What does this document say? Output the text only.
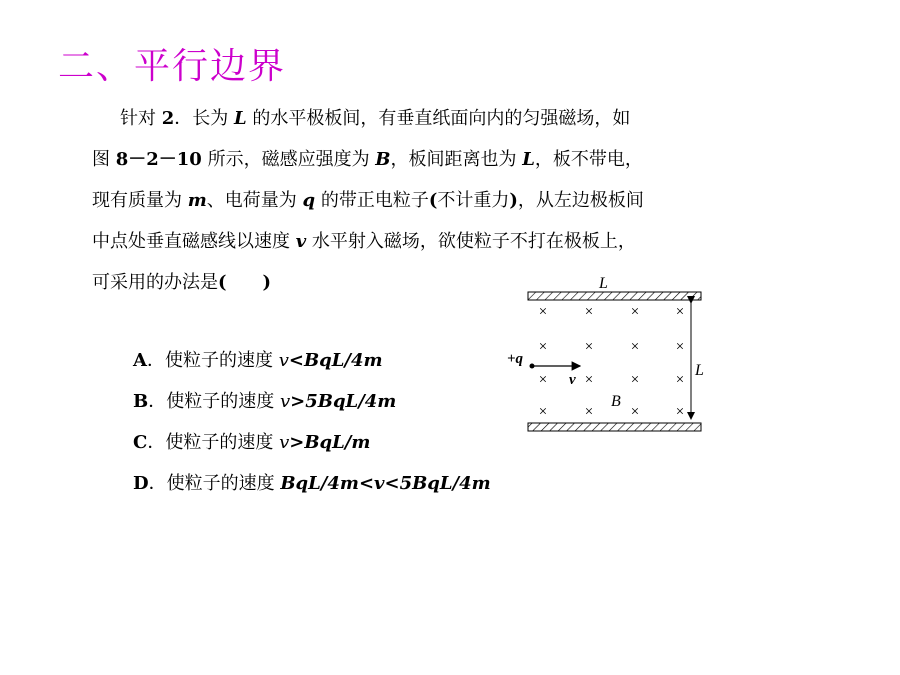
二、平行边界
针对 2．长为 L 的水平极板间，有垂直纸面向内的匀强磁场，如
图 8－2－10 所示，磁感应强度为 B，板间距离也为 L，板不带电，
现有质量为 m、电荷量为 q 的带正电粒子(不计重力)，从左边极板间
中点处垂直磁感线以速度 v 水平射入磁场，欲使粒子不打在极板上，
可采用的办法是(　　 )
A．使粒子的速度 v<BqL/4m
B．使粒子的速度 v>5BqL/4m
C．使粒子的速度 v>BqL/m
D．使粒子的速度 BqL/4m<v<5BqL/4m
L
L
×	×	× ×
×	×	× ×
×	×	× ×
×	×	× ×
+q
v
B
